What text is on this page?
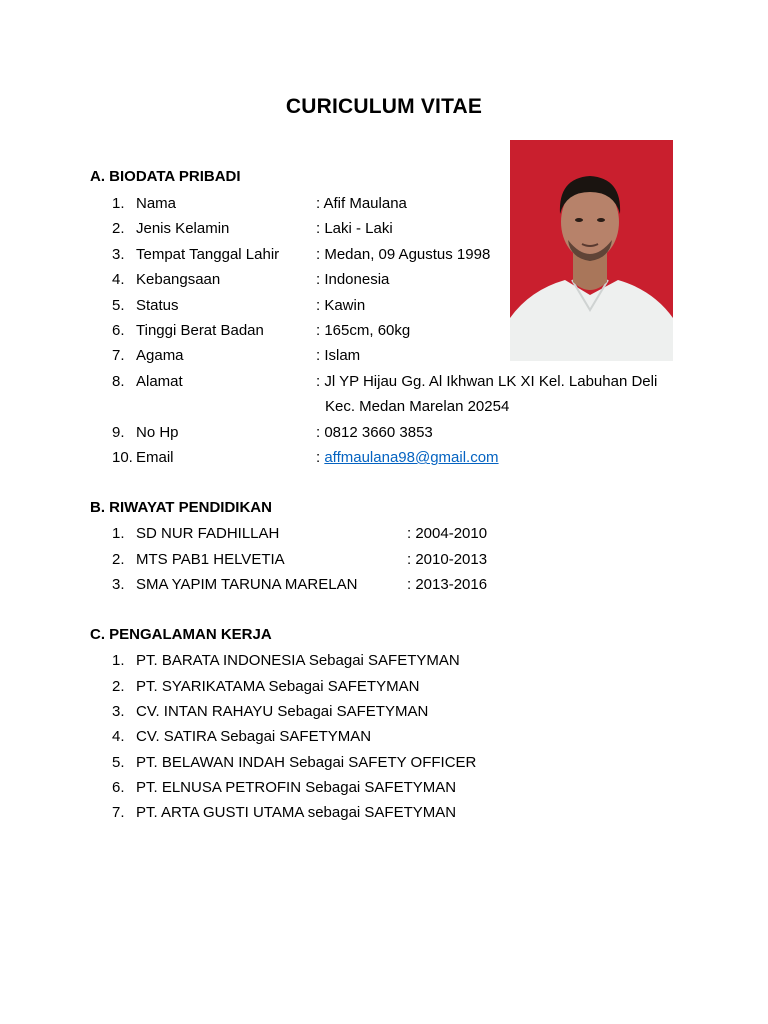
CURICULUM VITAE
A. BIODATA PRIBADI
1. Nama	: Afif Maulana
2. Jenis Kelamin	: Laki - Laki
3. Tempat Tanggal Lahir : Medan, 09 Agustus 1998
4. Kebangsaan	: Indonesia
5. Status	: Kawin
6. Tinggi Berat Badan	: 165cm, 60kg
7. Agama	: Islam
8. Alamat	: Jl YP Hijau Gg. Al Ikhwan LK XI Kel. Labuhan Deli
Kec. Medan Marelan 20254
9. No Hp	: 0812 3660 3853
10. Email	: affmaulana98@gmail.com
B. RIWAYAT PENDIDIKAN
1. SD NUR FADHILLAH	: 2004-2010
2. MTS PAB1 HELVETIA	: 2010-2013
3. SMA YAPIM TARUNA MARELAN	: 2013-2016
C. PENGALAMAN KERJA
1. PT. BARATA INDONESIA Sebagai SAFETYMAN
2. PT. SYARIKATAMA Sebagai SAFETYMAN
3. CV. INTAN RAHAYU Sebagai SAFETYMAN
4. CV. SATIRA Sebagai SAFETYMAN
5. PT. BELAWAN INDAH Sebagai SAFETY OFFICER
6. PT. ELNUSA PETROFIN Sebagai SAFETYMAN
7. PT. ARTA GUSTI UTAMA sebagai SAFETYMAN
